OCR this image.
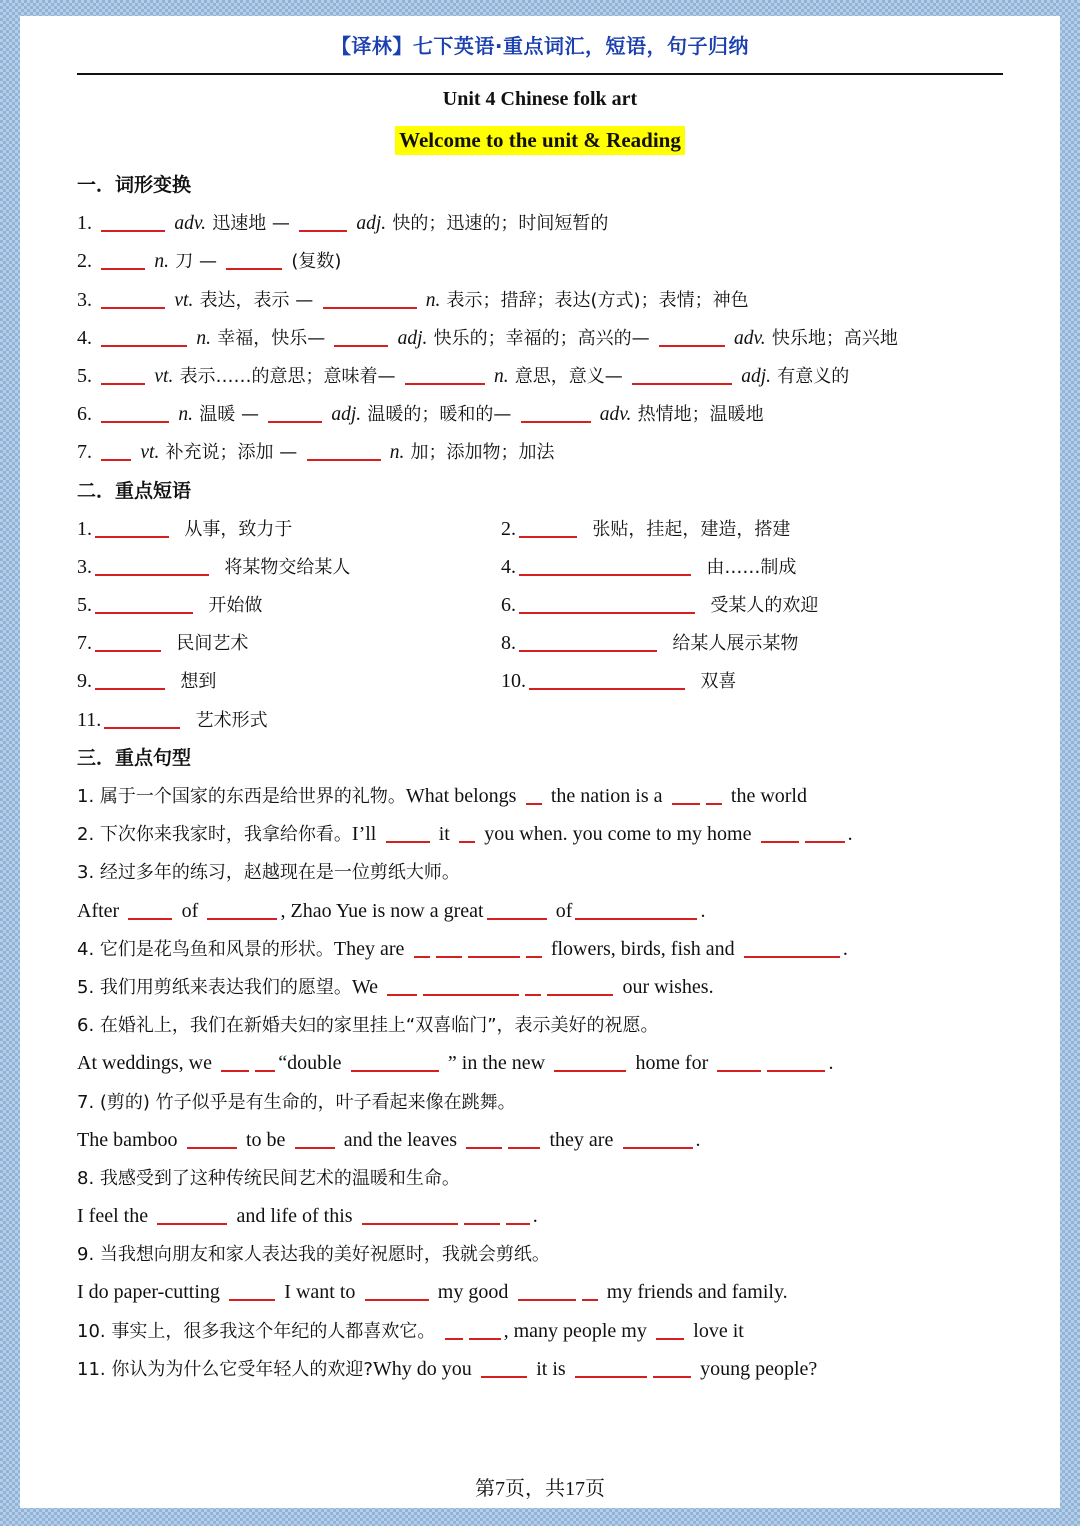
【译林】七下英语·重点词汇，短语，句子归纳
Unit 4 Chinese folk art
Welcome to the unit & Reading
一．词形变换
1.	adv. 迅速地 —	adj. 快的；迅速的；时间短暂的
2.	n. 刀 —	(复数)
3.	vt. 表达，表示 —	n. 表示；措辞；表达(方式)；表情；神色
4.	n. 幸福，快乐—	adj. 快乐的；幸福的；高兴的—	adv. 快乐地；高兴地
5.	vt. 表示……的意思；意味着—	n. 意思，意义—	adj. 有意义的
6.	n. 温暖 —	adj. 温暖的；暖和的—	adv. 热情地；温暖地
7. vt. 补充说；添加 —	n. 加；添加物；加法
二．重点短语
1.	从事，致力于	2.	张贴，挂起，建造，搭建
3.	将某物交给某人	4.	由……制成
5.	开始做	6.	受某人的欢迎
7.	民间艺术	8.	给某人展示某物
9.	想到	10.	双喜
11.	艺术形式
三．重点句型
1. 属于一个国家的东西是给世界的礼物。What belongs the nation is a	the world
2. 下次你来我家时，我拿给你看。I’ll	it you when. you come to my home	.
3. 经过多年的练习，赵越现在是一位剪纸大师。
After	of	, Zhao Yue is now a great	of	.
4. 它们是花鸟鱼和风景的形状。They are	flowers, birds, fish and	.
5. 我们用剪纸来表达我们的愿望。We	our wishes.
6. 在婚礼上，我们在新婚夫妇的家里挂上“双喜临门”，表示美好的祝愿。
At weddings, we	“double	” in the new	home for	.
7. (剪的) 竹子似乎是有生命的，叶子看起来像在跳舞。
The bamboo	to be	and the leaves	they are	.
8. 我感受到了这种传统民间艺术的温暖和生命。
I feel the	and life of this	.
9. 当我想向朋友和家人表达我的美好祝愿时，我就会剪纸。
I do paper-cutting	I want to	my good	my friends and family.
10. 事实上，很多我这个年纪的人都喜欢它。	, many people my love it
11. 你认为为什么它受年轻人的欢迎?Why do you	it is	young people?
第7页，共17页
